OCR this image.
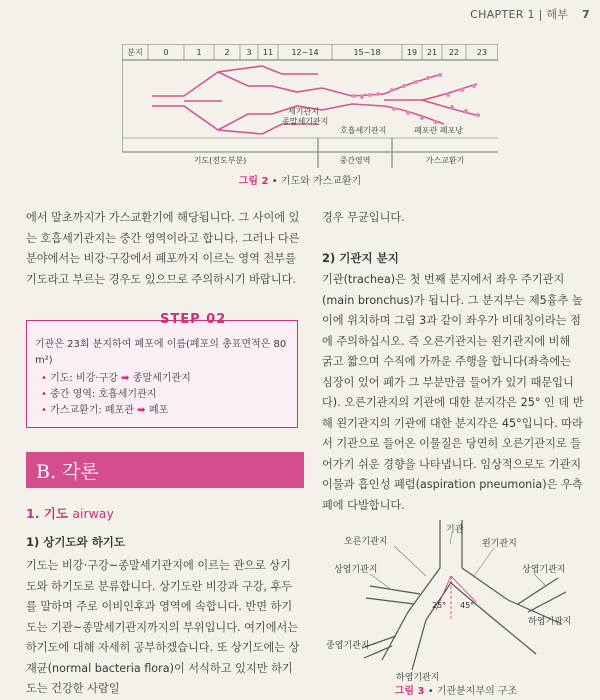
CHAPTER 1 | 해부 7
분지	0	1	2 3 11 12~14	15~18	19 21 22 23
세기관지
종말세기관지
호흡세기관지	폐포관 폐포낭
기도(전도부분)	중간영역	가스교환기
그림 2 • 기도와 가스교환기
에서 말초까지가 가스교환기에 해당됩니다. 그 사이에 있는 호흡세기관지는 중간 영역이라고 합니다. 그러나 다른 분야에서는 비강·구강에서 폐포까지 이르는 영역 전부를 기도라고 부르는 경우도 있으므로 주의하시기 바랍니다.
기관은 23회 분지하여 폐포에 이름(폐포의 총표면적은 80 m²)
• 기도: 비강·구강 ➡ 종말세기관지
• 중간 영역: 호흡세기관지
• 가스교환기: 폐포관 ➡ 폐포
STEP 02
B. 각론
1. 기도 airway
1) 상기도와 하기도
기도는 비강·구강~종말세기관지에 이르는 관으로 상기도와 하기도로 분류합니다. 상기도란 비강과 구강, 후두를 말하며 주로 이비인후과 영역에 속합니다. 반면 하기도는 기관~종말세기관지까지의 부위입니다. 여기에서는 하기도에 대해 자세히 공부하겠습니다. 또 상기도에는 상재균(normal bacteria flora)이 서식하고 있지만 하기도는 건강한 사람일
경우 무균입니다.
2) 기관지 분지
기관(trachea)은 첫 번째 분지에서 좌우 주기관지(main bronchus)가 됩니다. 그 분지부는 제5흉추 높이에 위치하며 그림 3과 같이 좌우가 비대칭이라는 점에 주의하십시오. 즉 오른기관지는 왼기관지에 비해 굵고 짧으며 수직에 가까운 주행을 합니다(좌측에는 심장이 있어 폐가 그 부분만큼 들어가 있기 때문입니다). 오른기관지의 기관에 대한 분지각은 25° 인 데 반해 왼기관지의 기관에 대한 분지각은 45°입니다. 따라서 기관으로 들어온 이물질은 당연히 오른기관지로 들어가기 쉬운 경향을 나타냅니다. 임상적으로도 기관지 이물과 흡인성 폐렴(aspiration pneumonia)은 우측폐에 다발합니다.
기관
오른기관지	왼기관지
상엽기관지	상엽기관지
중엽기관지
하엽기관지
하엽기관지
25° 45°
그림 3 • 기관분지부의 구조
